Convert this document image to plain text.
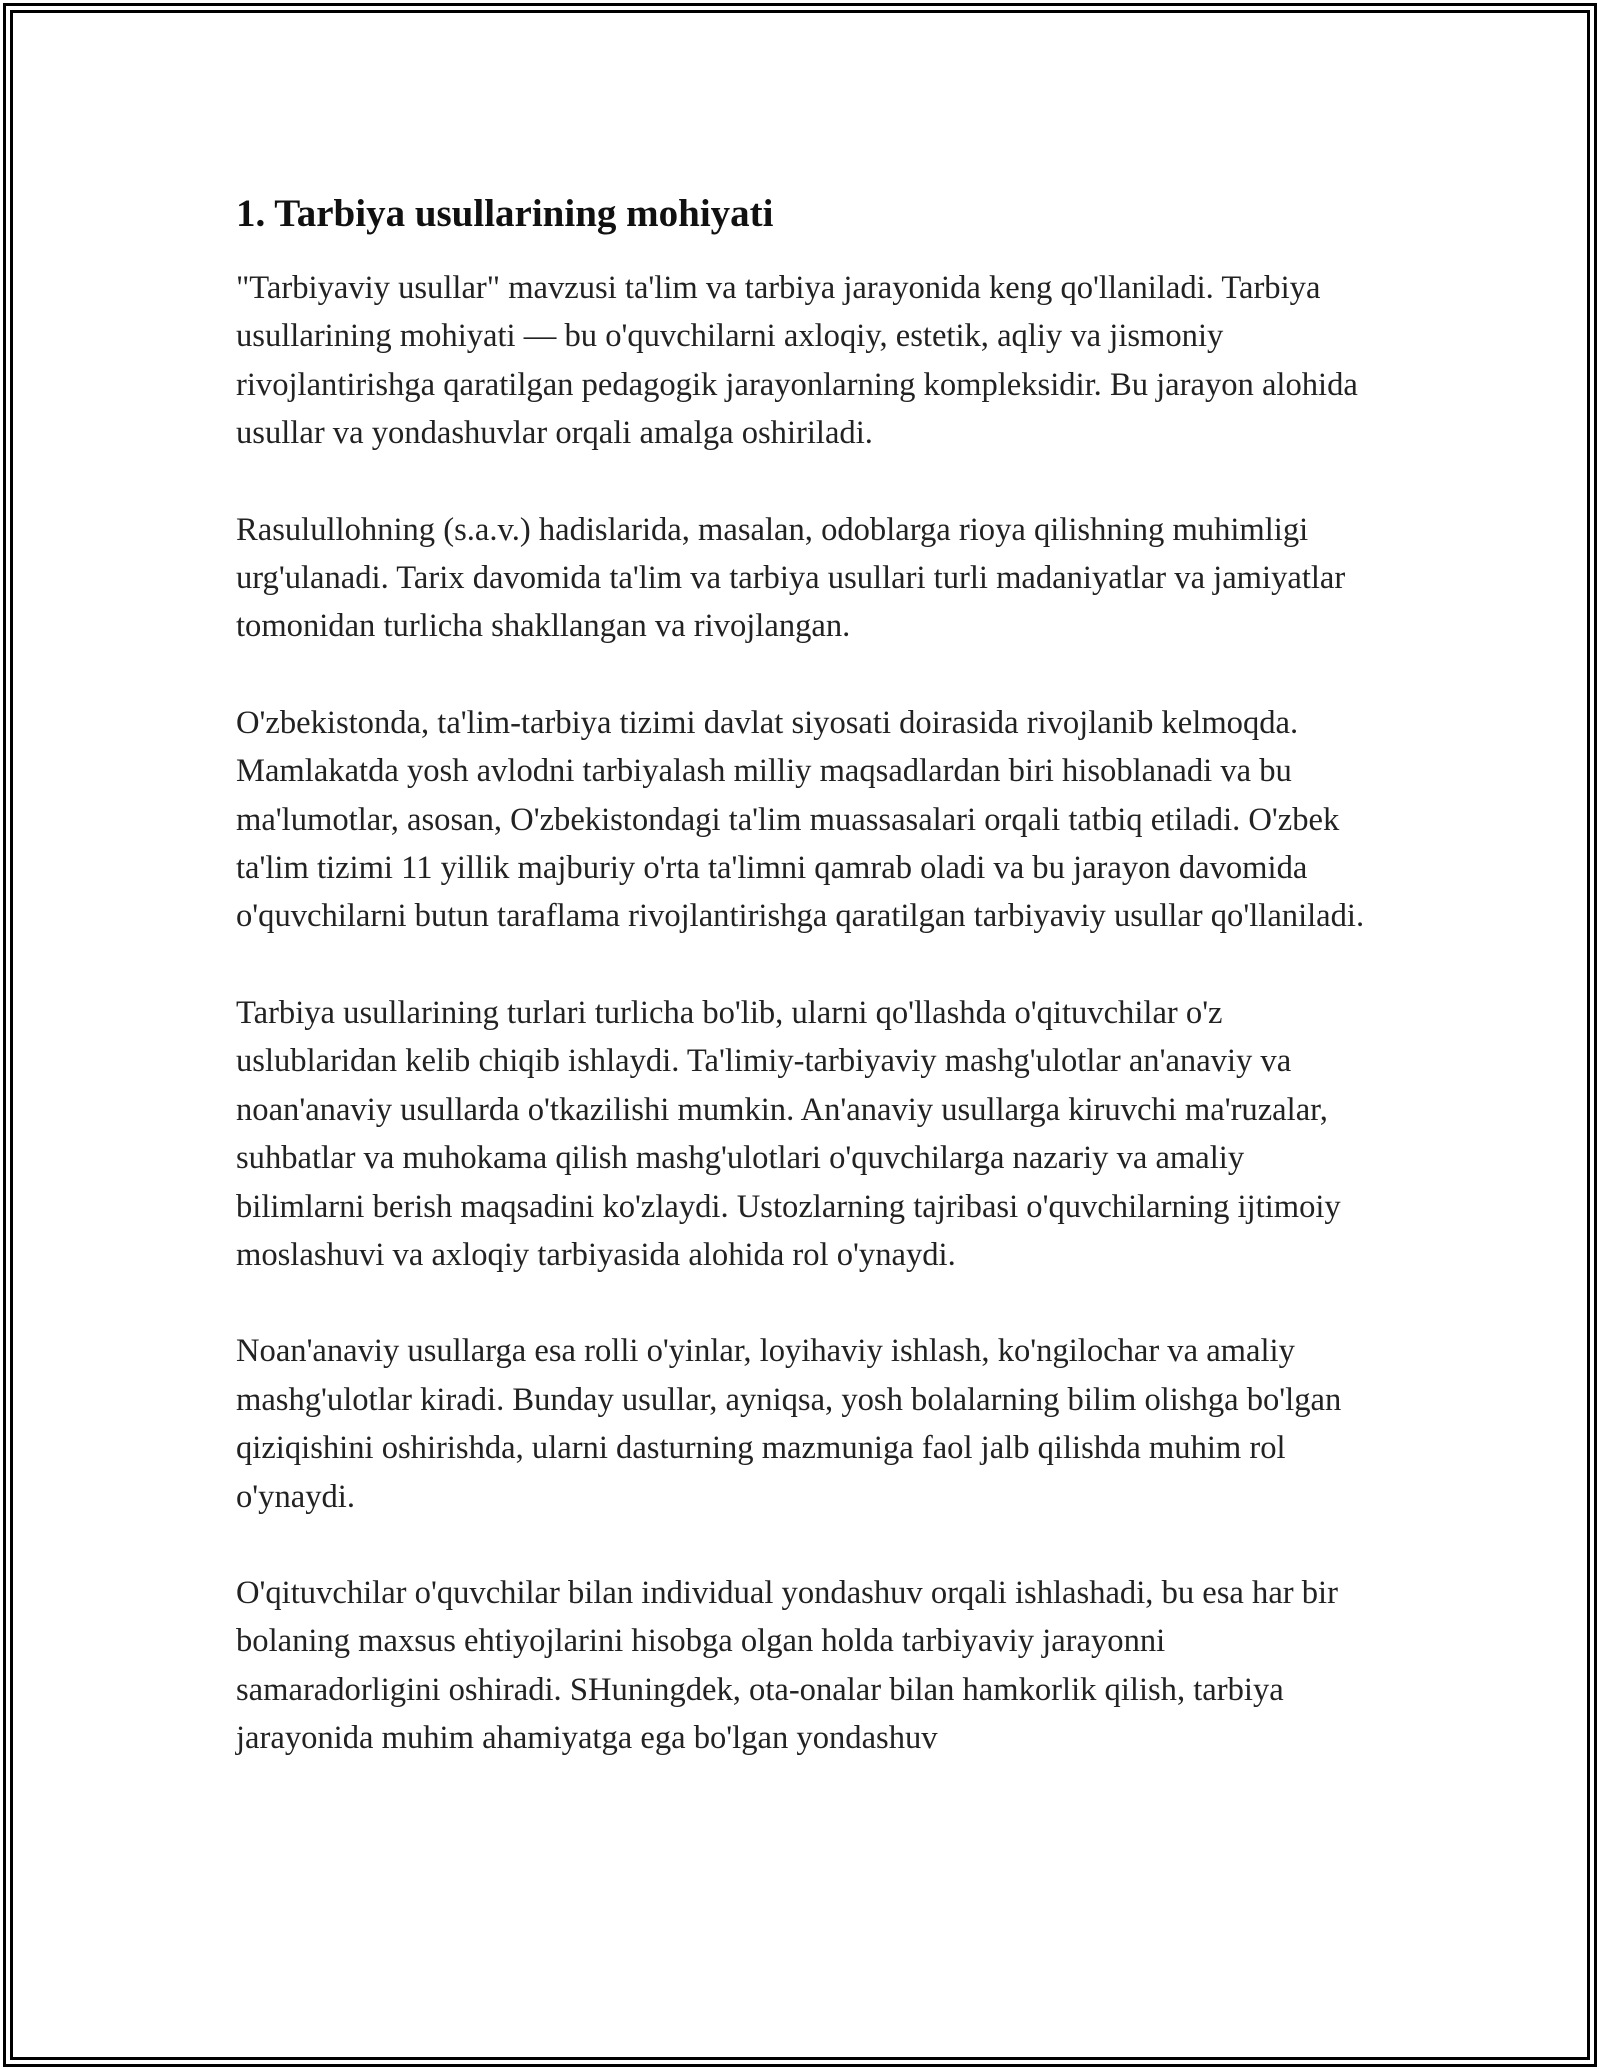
1. Tarbiya usullarining mohiyati

"Tarbiyaviy usullar" mavzusi ta'lim va tarbiya jarayonida keng qo'llaniladi. Tarbiya usullarining mohiyati — bu o'quvchilarni axloqiy, estetik, aqliy va jismoniy rivojlantirishga qaratilgan pedagogik jarayonlarning kompleksidir. Bu jarayon alohida usullar va yondashuvlar orqali amalga oshiriladi.

Rasulullohning (s.a.v.) hadislarida, masalan, odoblarga rioya qilishning muhimligi urg'ulanadi. Tarix davomida ta'lim va tarbiya usullari turli madaniyatlar va jamiyatlar tomonidan turlicha shakllangan va rivojlangan.

O'zbekistonda, ta'lim-tarbiya tizimi davlat siyosati doirasida rivojlanib kelmoqda. Mamlakatda yosh avlodni tarbiyalash milliy maqsadlardan biri hisoblanadi va bu ma'lumotlar, asosan, O'zbekistondagi ta'lim muassasalari orqali tatbiq etiladi. O'zbek ta'lim tizimi 11 yillik majburiy o'rta ta'limni qamrab oladi va bu jarayon davomida o'quvchilarni butun taraflama rivojlantirishga qaratilgan tarbiyaviy usullar qo'llaniladi.

Tarbiya usullarining turlari turlicha bo'lib, ularni qo'llashda o'qituvchilar o'z uslublaridan kelib chiqib ishlaydi. Ta'limiy-tarbiyaviy mashg'ulotlar an'anaviy va noan'anaviy usullarda o'tkazilishi mumkin. An'anaviy usullarga kiruvchi ma'ruzalar, suhbatlar va muhokama qilish mashg'ulotlari o'quvchilarga nazariy va amaliy bilimlarni berish maqsadini ko'zlaydi. Ustozlarning tajribasi o'quvchilarning ijtimoiy moslashuvi va axloqiy tarbiyasida alohida rol o'ynaydi.

Noan'anaviy usullarga esa rolli o'yinlar, loyihaviy ishlash, ko'ngilochar va amaliy mashg'ulotlar kiradi. Bunday usullar, ayniqsa, yosh bolalarning bilim olishga bo'lgan qiziqishini oshirishda, ularni dasturning mazmuniga faol jalb qilishda muhim rol o'ynaydi.

O'qituvchilar o'quvchilar bilan individual yondashuv orqali ishlashadi, bu esa har bir bolaning maxsus ehtiyojlarini hisobga olgan holda tarbiyaviy jarayonni samaradorligini oshiradi. SHuningdek, ota-onalar bilan hamkorlik qilish, tarbiya jarayonida muhim ahamiyatga ega bo'lgan yondashuv
